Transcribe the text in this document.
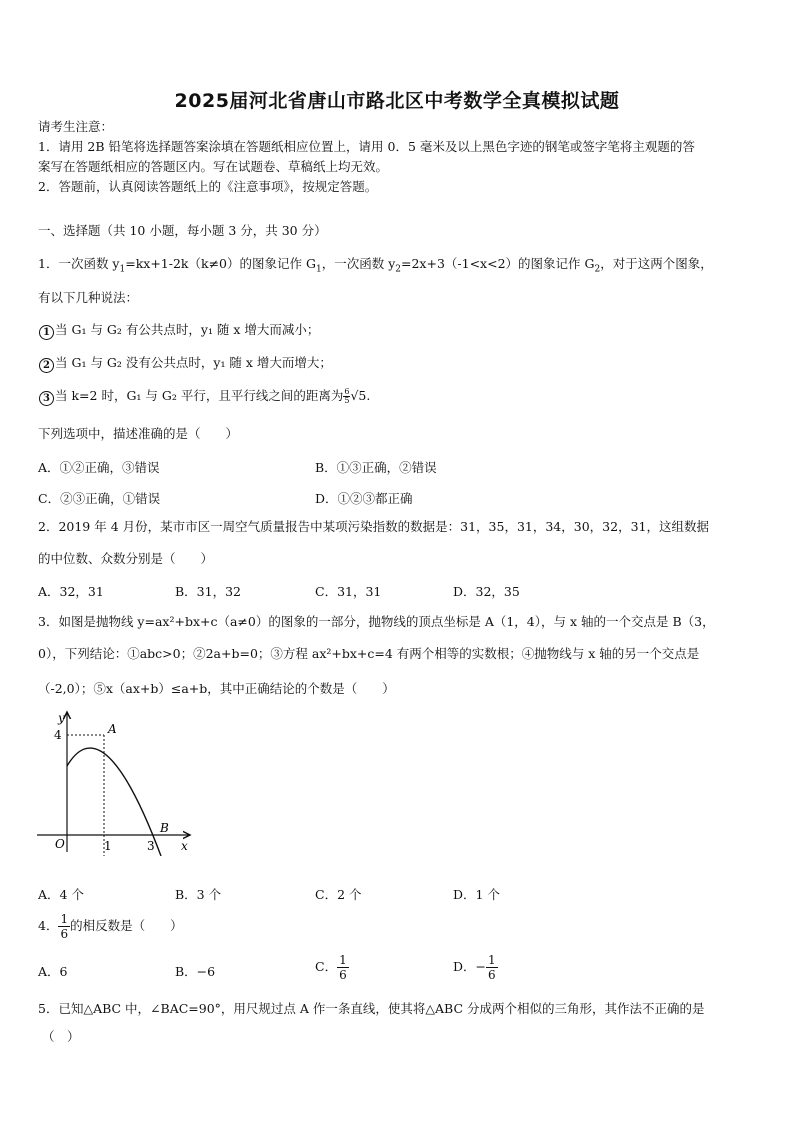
2025届河北省唐山市路北区中考数学全真模拟试题
请考生注意：
1．请用 2B 铅笔将选择题答案涂填在答题纸相应位置上，请用 0．5 毫米及以上黑色字迹的钢笔或签字笔将主观题的答
案写在答题纸相应的答题区内。写在试题卷、草稿纸上均无效。
2．答题前，认真阅读答题纸上的《注意事项》，按规定答题。
一、选择题（共 10 小题，每小题 3 分，共 30 分）
1．一次函数 $y_1=kx+1-2k(k\ne 0)$的图象记作 $G_1$，一次函数 $y_2=2x+3(-1<x<2)$的图象记作 $G_2$，对于这两个图象，
有以下几种说法：
1 当 G₁ 与 G₂ 有公共点时，y₁ 随 x 增大而减小；
2 当 G₁ 与 G₂ 没有公共点时，y₁ 随 x 增大而增大；
3 当 k=2 时，G₁ 与 G₂ 平行，且平行线之间的距离为 $\frac{6}{5} √5$.
下列选项中，描述准确的是（　　）
A．①②正确，③错误	B．①③正确，②错误
C．②③正确，①错误	D．①②③都正确
2．2019 年 4 月份，某市市区一周空气质量报告中某项污染指数的数据是：31，35，31，34，30，32，31，这组数据
的中位数、众数分别是（　　）
A．32，31	B．31，32	C．31，31	D．32，35
3．如图是抛物线 y=ax²+bx+c（a≠0）的图象的一部分，抛物线的顶点坐标是 A（1，4），与 x 轴的一个交点是 B（3，
0），下列结论：①abc>0；②2a+b=0；③方程 ax²+bx+c=4 有两个相等的实数根；④抛物线与 x 轴的另一个交点是
（-2,0）；⑤x（ax+b）≤a+b，其中正确结论的个数是（　　）
y
x
O
4
1	3
A
B
A．4 个	B．3 个	C．2 个	D．1 个
4． $\frac{1}{6}$ 的相反数是（　　）
A．6	B．−6	C． $\frac{1}{6}$	D．− $\frac{1}{6}$
5．已知△ABC 中，∠BAC=90°，用尺规过点 A 作一条直线，使其将△ABC 分成两个相似的三角形，其作法不正确的是
（　）
